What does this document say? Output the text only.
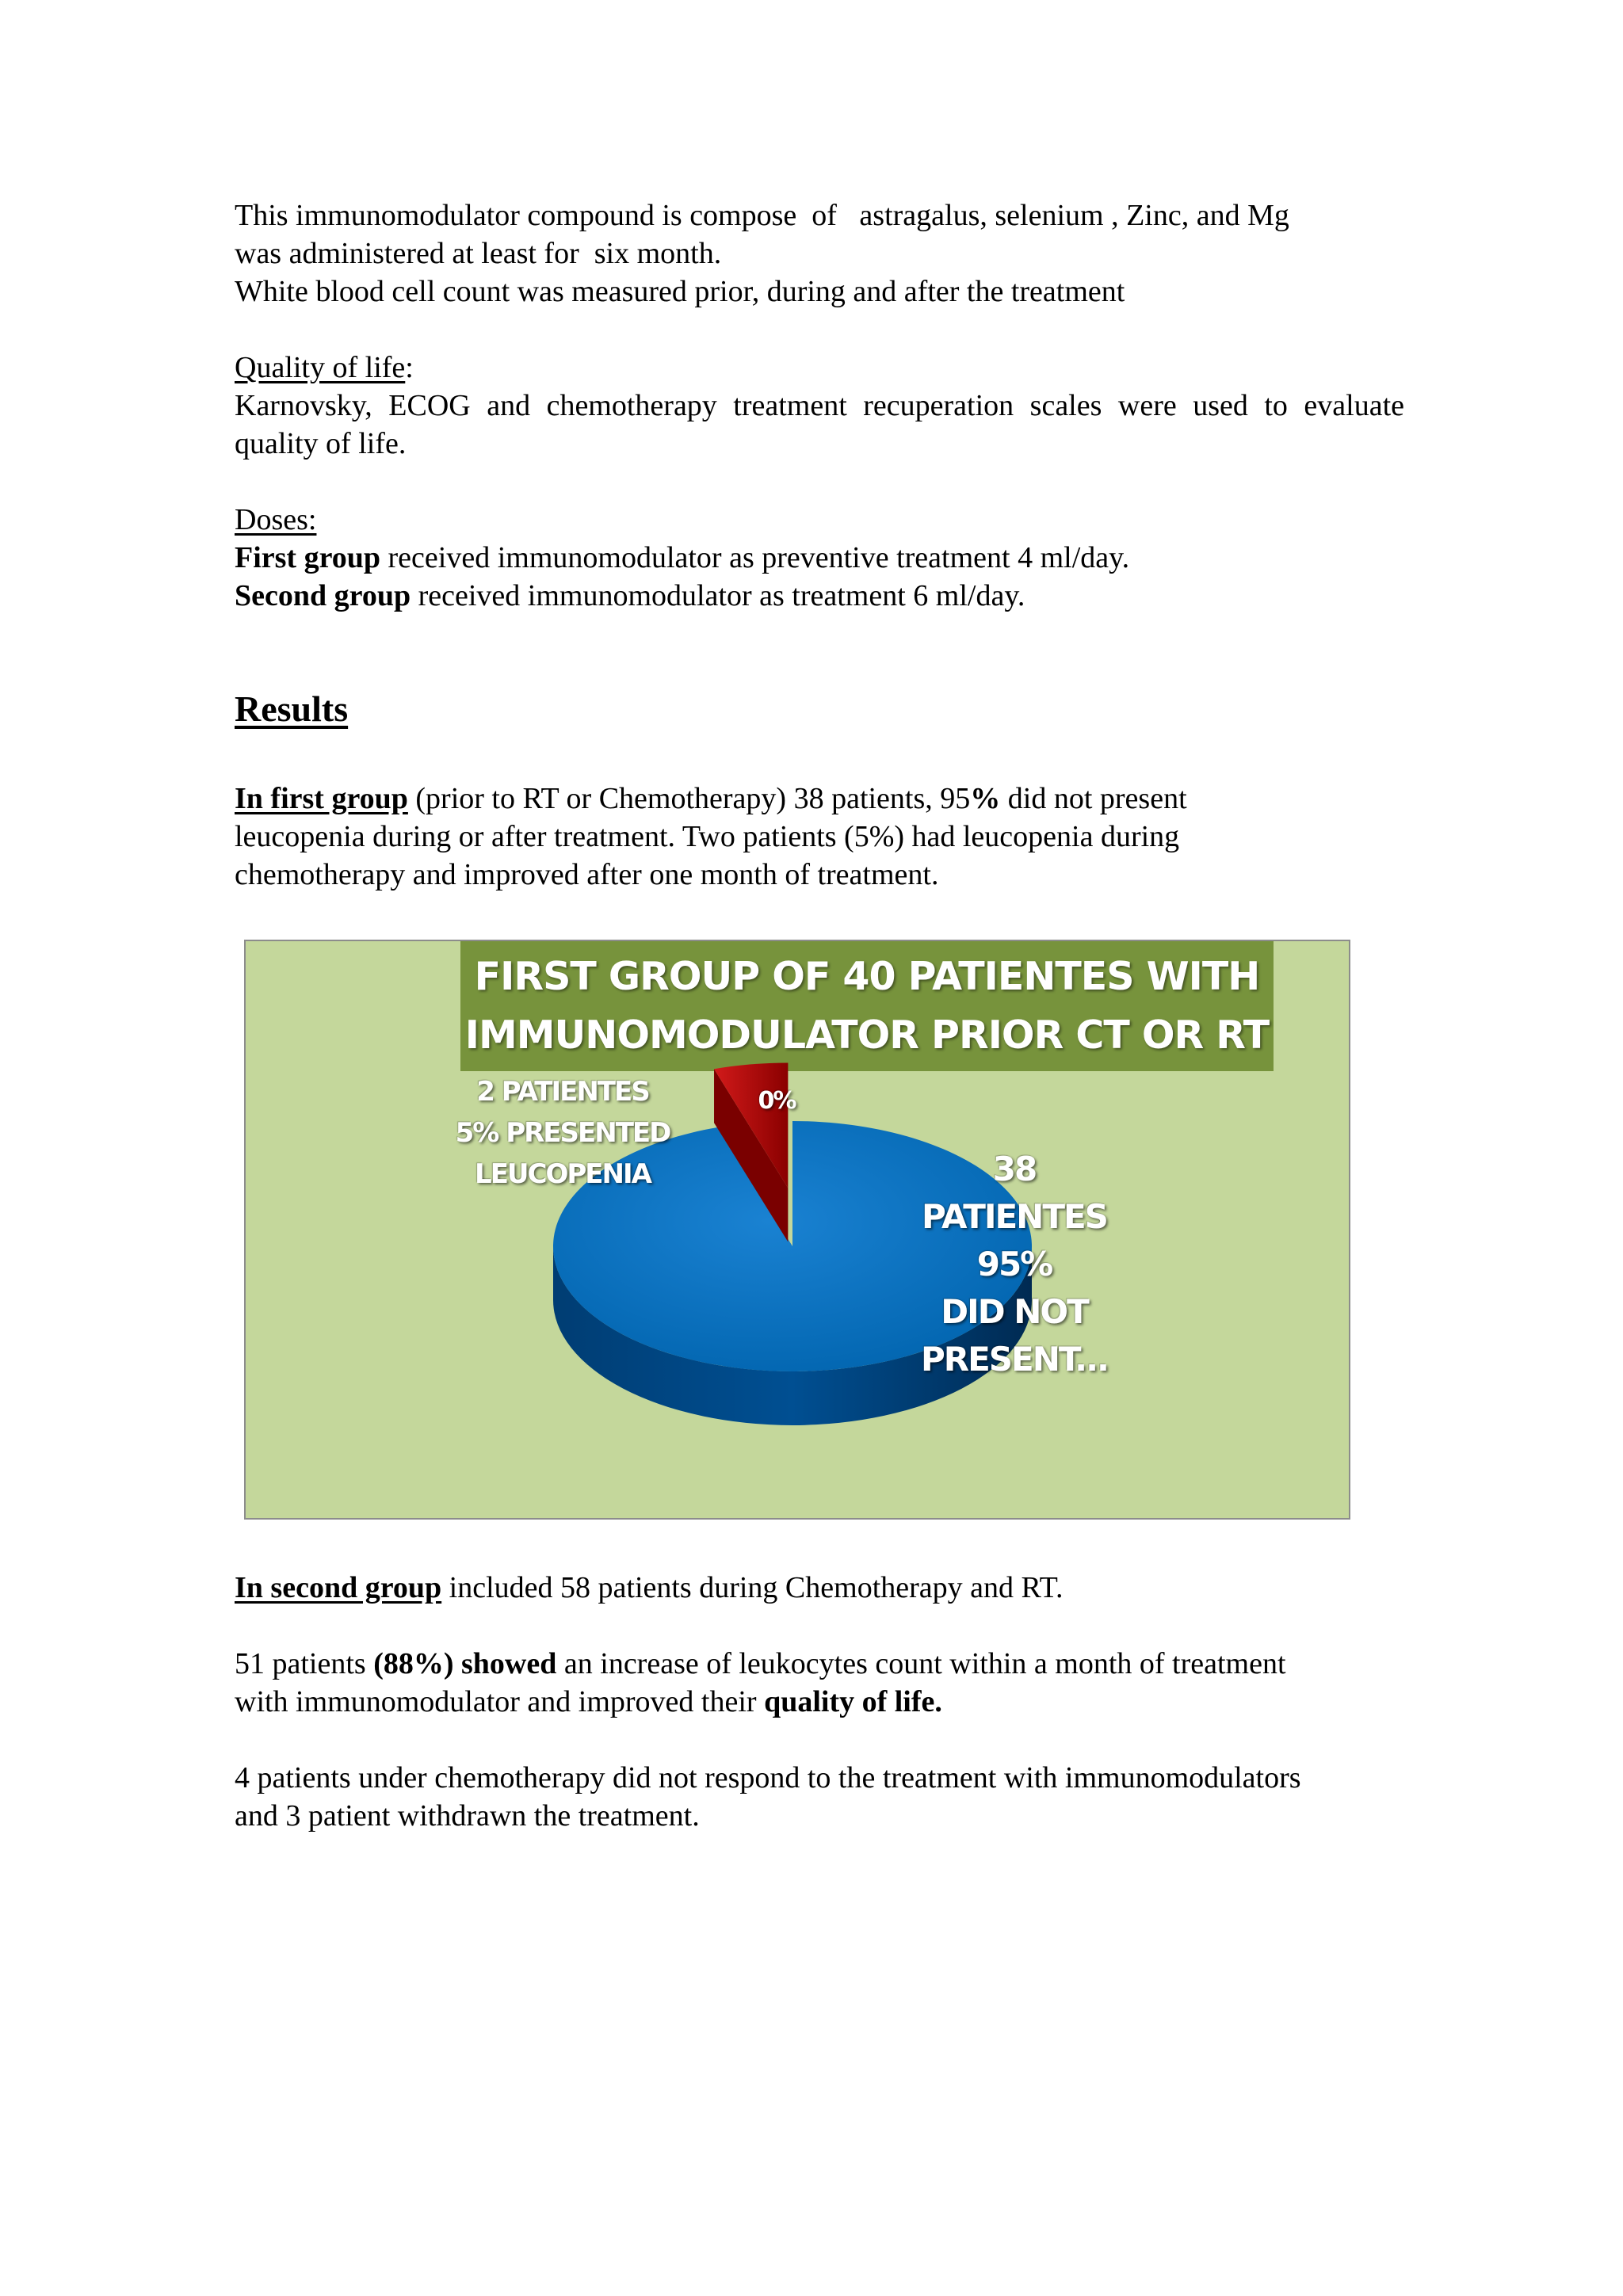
This immunomodulator compound is compose  of   astragalus, selenium , Zinc, and Mg
was administered at least for  six month.
White blood cell count was measured prior, during and after the treatment
Quality of life:
Karnovsky, ECOG and chemotherapy treatment recuperation scales were used to evaluate quality of life.
Doses:
First group received immunomodulator as preventive treatment 4 ml/day.
Second group received immunomodulator as treatment 6 ml/day.
Results
In first group (prior to RT or Chemotherapy) 38 patients, 95% did not present
leucopenia during or after treatment. Two patients (5%) had leucopenia during
chemotherapy and improved after one month of treatment.
FIRST GROUP OF 40 PATIENTES WITH
IMMUNOMODULATOR PRIOR CT OR RT
2 PATIENTES
5% PRESENTED
LEUCOPENIA
0%
38
PATIENTES
95%
DID NOT
PRESENT...
In second group included 58 patients during Chemotherapy and RT.
51 patients (88%) showed an increase of leukocytes count within a month of treatment
with immunomodulator and improved their quality of life.
4 patients under chemotherapy did not respond to the treatment with immunomodulators
and 3 patient withdrawn the treatment.
